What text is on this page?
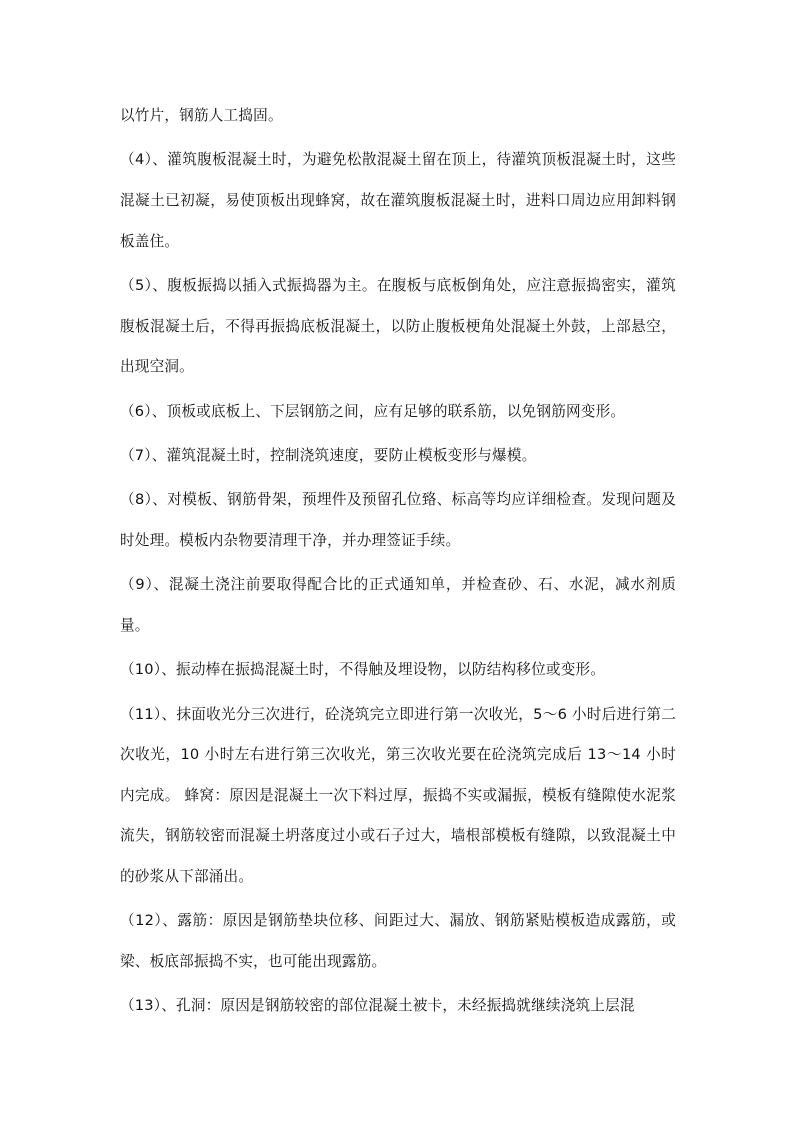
以竹片，钢筋人工捣固。

（4）、灌筑腹板混凝土时，为避免松散混凝土留在顶上，待灌筑顶板混凝土时，这些混凝土已初凝，易使顶板出现蜂窝，故在灌筑腹板混凝土时，进料口周边应用卸料钢板盖住。

（5）、腹板振捣以插入式振捣器为主。在腹板与底板倒角处，应注意振捣密实，灌筑腹板混凝土后，不得再振捣底板混凝土，以防止腹板梗角处混凝土外鼓，上部悬空，出现空洞。

（6）、顶板或底板上、下层钢筋之间，应有足够的联系筋，以免钢筋网变形。

（7）、灌筑混凝土时，控制浇筑速度，要防止模板变形与爆模。

（8）、对模板、钢筋骨架，预埋件及预留孔位臵、标高等均应详细检查。发现问题及时处理。模板内杂物要清理干净，并办理签证手续。

（9）、混凝土浇注前要取得配合比的正式通知单，并检查砂、石、水泥，减水剂质量。

（10）、振动棒在振捣混凝土时，不得触及埋设物，以防结构移位或变形。

（11）、抹面收光分三次进行，砼浇筑完立即进行第一次收光，5～6 小时后进行第二次收光，10 小时左右进行第三次收光，第三次收光要在砼浇筑完成后 13～14 小时内完成。 蜂窝：原因是混凝土一次下料过厚，振捣不实或漏振，模板有缝隙使水泥浆流失，钢筋较密而混凝土坍落度过小或石子过大，墙根部模板有缝隙，以致混凝土中的砂浆从下部涌出。

（12）、露筋：原因是钢筋垫块位移、间距过大、漏放、钢筋紧贴模板造成露筋，或梁、板底部振捣不实，也可能出现露筋。

（13）、孔洞：原因是钢筋较密的部位混凝土被卡，未经振捣就继续浇筑上层混
